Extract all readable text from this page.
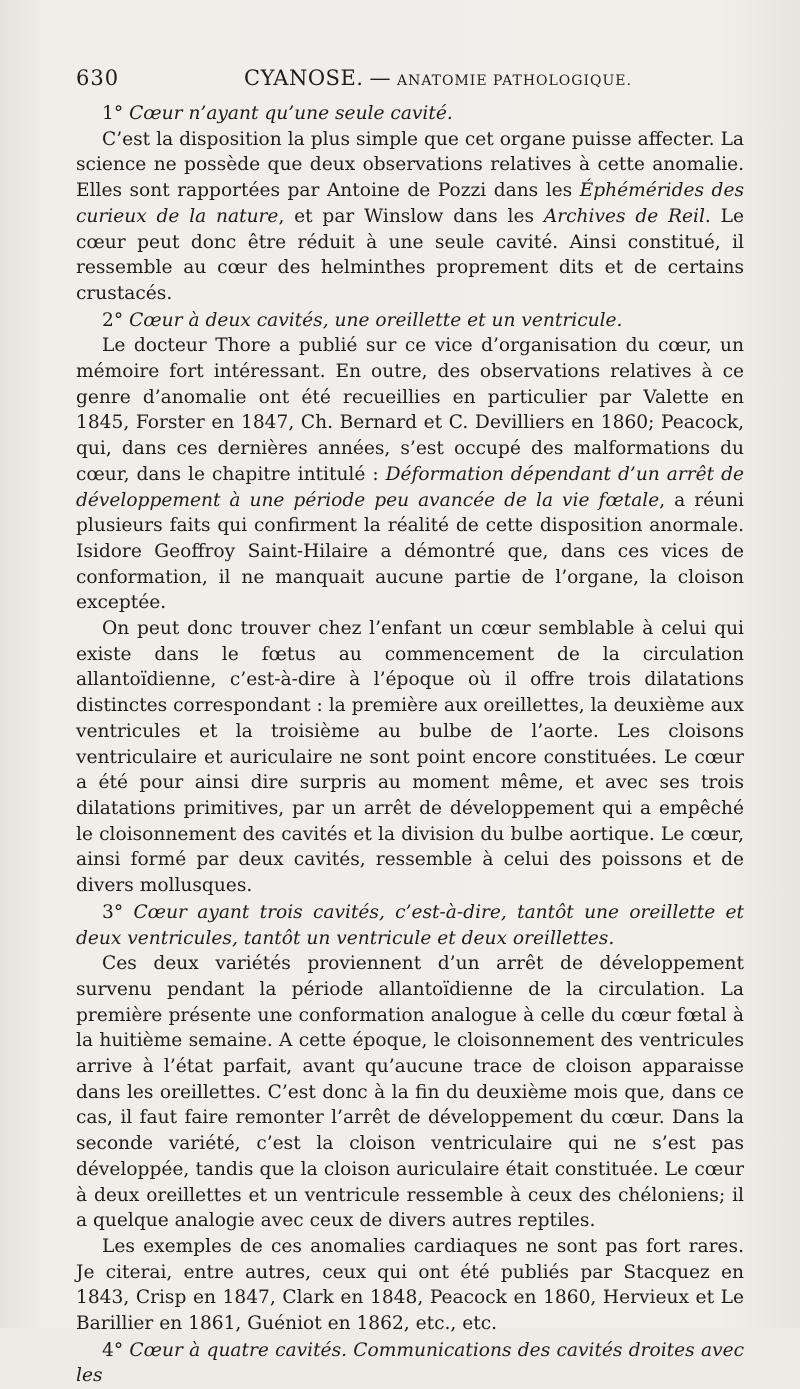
630	CYANOSE. — ANATOMIE PATHOLOGIQUE.

1° Cœur n’ayant qu’une seule cavité.

C’est la disposition la plus simple que cet organe puisse affecter. La science ne possède que deux observations relatives à cette anomalie. Elles sont rapportées par Antoine de Pozzi dans les Éphémérides des curieux de la nature, et par Winslow dans les Archives de Reil. Le cœur peut donc être réduit à une seule cavité. Ainsi constitué, il ressemble au cœur des helminthes proprement dits et de certains crustacés.

2° Cœur à deux cavités, une oreillette et un ventricule.

Le docteur Thore a publié sur ce vice d’organisation du cœur, un mémoire fort intéressant. En outre, des observations relatives à ce genre d’anomalie ont été recueillies en particulier par Valette en 1845, Forster en 1847, Ch. Bernard et C. Devilliers en 1860; Peacock, qui, dans ces dernières années, s’est occupé des malformations du cœur, dans le chapitre intitulé : Déformation dépendant d’un arrêt de développement à une période peu avancée de la vie fœtale, a réuni plusieurs faits qui confirment la réalité de cette disposition anormale. Isidore Geoffroy Saint-Hilaire a démontré que, dans ces vices de conformation, il ne manquait aucune partie de l’organe, la cloison exceptée.

On peut donc trouver chez l’enfant un cœur semblable à celui qui existe dans le fœtus au commencement de la circulation allantoïdienne, c’est-à-dire à l’époque où il offre trois dilatations distinctes correspondant : la première aux oreillettes, la deuxième aux ventricules et la troisième au bulbe de l’aorte. Les cloisons ventriculaire et auriculaire ne sont point encore constituées. Le cœur a été pour ainsi dire surpris au moment même, et avec ses trois dilatations primitives, par un arrêt de développement qui a empêché le cloisonnement des cavités et la division du bulbe aortique. Le cœur, ainsi formé par deux cavités, ressemble à celui des poissons et de divers mollusques.

3° Cœur ayant trois cavités, c’est-à-dire, tantôt une oreillette et deux ventricules, tantôt un ventricule et deux oreillettes.

Ces deux variétés proviennent d’un arrêt de développement survenu pendant la période allantoïdienne de la circulation. La première présente une conformation analogue à celle du cœur fœtal à la huitième semaine. A cette époque, le cloisonnement des ventricules arrive à l’état parfait, avant qu’aucune trace de cloison apparaisse dans les oreillettes. C’est donc à la fin du deuxième mois que, dans ce cas, il faut faire remonter l’arrêt de développement du cœur. Dans la seconde variété, c’est la cloison ventriculaire qui ne s’est pas développée, tandis que la cloison auriculaire était constituée. Le cœur à deux oreillettes et un ventricule ressemble à ceux des chéloniens; il a quelque analogie avec ceux de divers autres reptiles.

Les exemples de ces anomalies cardiaques ne sont pas fort rares. Je citerai, entre autres, ceux qui ont été publiés par Stacquez en 1843, Crisp en 1847, Clark en 1848, Peacock en 1860, Hervieux et Le Barillier en 1861, Guéniot en 1862, etc., etc.

4° Cœur à quatre cavités. Communications des cavités droites avec les
